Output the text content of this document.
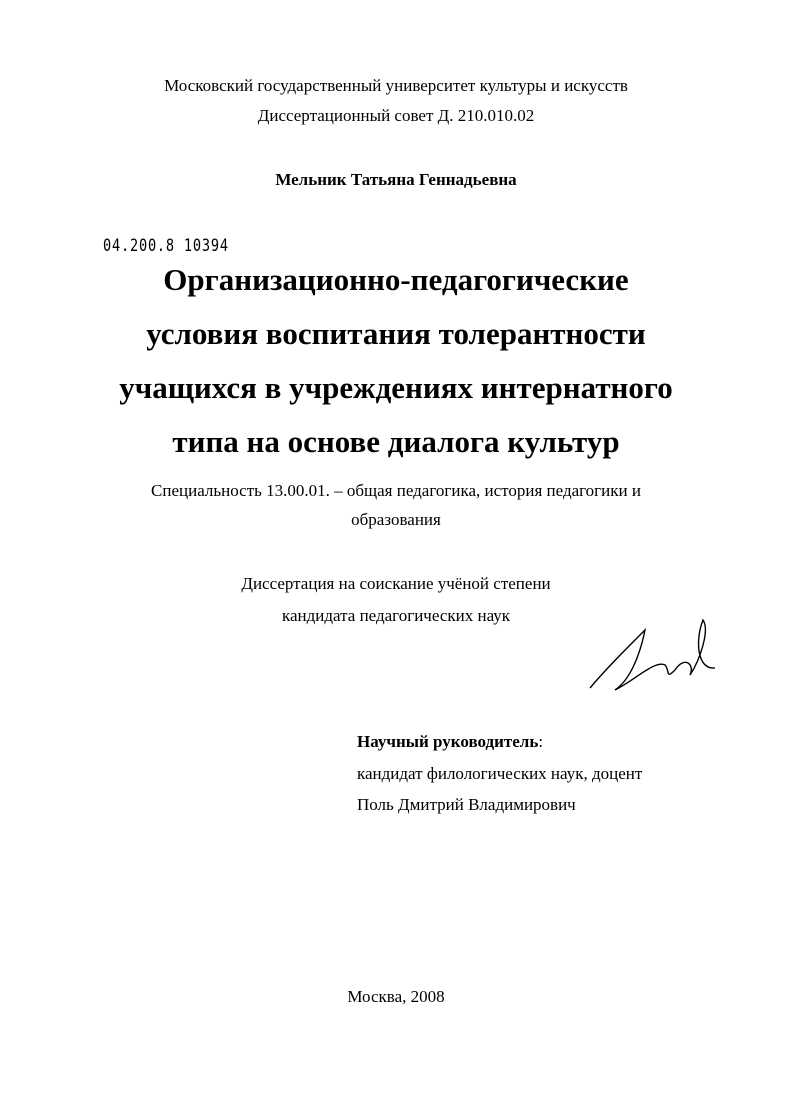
Московский государственный университет культуры и искусств
Диссертационный совет Д. 210.010.02
Мельник Татьяна Геннадьевна
04.200.8 10394
Организационно-педагогические
условия воспитания толерантности
учащихся в учреждениях интернатного
типа на основе диалога культур
Специальность 13.00.01. – общая педагогика, история педагогики и
образования
Диссертация на соискание учёной степени
кандидата педагогических наук
Научный руководитель:
кандидат филологических наук, доцент
Поль Дмитрий Владимирович
Москва, 2008
